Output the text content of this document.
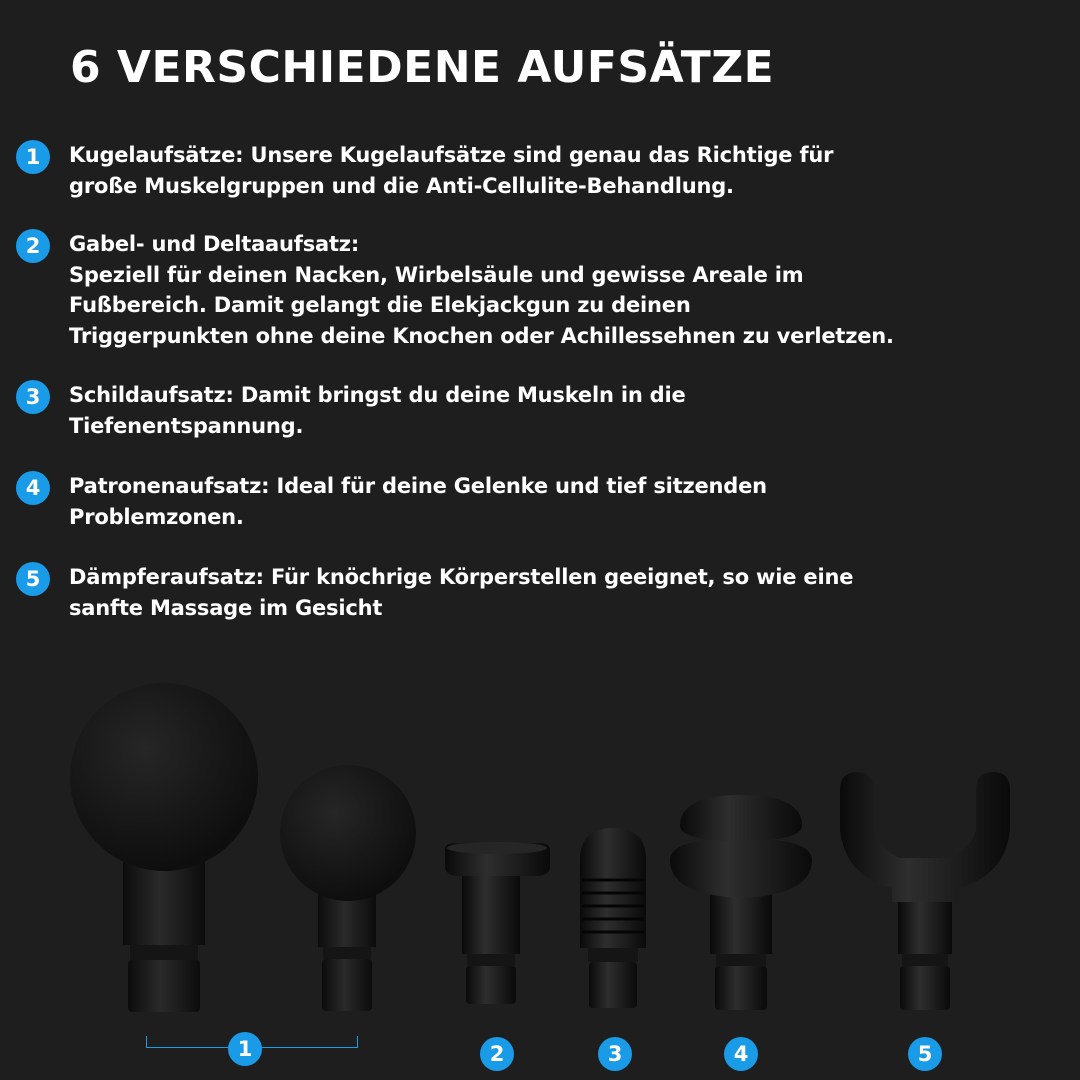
6 VERSCHIEDENE AUFSÄTZE
1	Kugelaufsätze: Unsere Kugelaufsätze sind genau das Richtige für
große Muskelgruppen und die Anti-Cellulite-Behandlung.
2	Gabel- und Deltaaufsatz:
Speziell für deinen Nacken, Wirbelsäule und gewisse Areale im
Fußbereich. Damit gelangt die Elekjackgun zu deinen
Triggerpunkten ohne deine Knochen oder Achillessehnen zu verletzen.
3	Schildaufsatz: Damit bringst du deine Muskeln in die
Tiefenentspannung.
4	Patronenaufsatz: Ideal für deine Gelenke und tief sitzenden
Problemzonen.
5	Dämpferaufsatz: Für knöchrige Körperstellen geeignet, so wie eine
sanfte Massage im Gesicht
1	2	3	4	5
